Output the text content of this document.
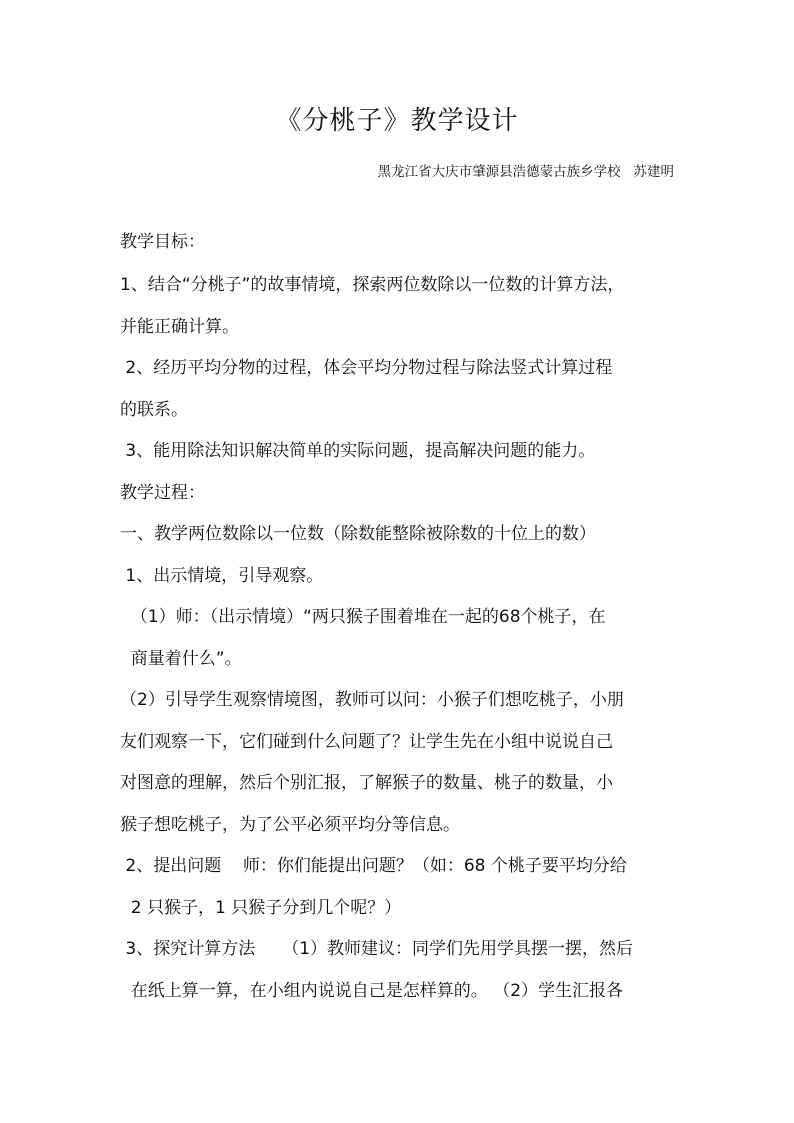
《分桃子》教学设计
黑龙江省大庆市肇源县浩德蒙古族乡学校   苏建明
教学目标：
1、结合“分桃子”的故事情境，探索两位数除以一位数的计算方法，
并能正确计算。
2、经历平均分物的过程，体会平均分物过程与除法竖式计算过程
的联系。
3、能用除法知识解决简单的实际问题，提高解决问题的能力。
教学过程：
一、教学两位数除以一位数（除数能整除被除数的十位上的数）
1、出示情境，引导观察。
（1）师：（出示情境）“两只猴子围着堆在一起的68个桃子，在
商量着什么”。
（2）引导学生观察情境图，教师可以问：小猴子们想吃桃子，小朋
友们观察一下，它们碰到什么问题了？让学生先在小组中说说自己
对图意的理解，然后个别汇报，了解猴子的数量、桃子的数量，小
猴子想吃桃子，为了公平必须平均分等信息。
2、提出问题    师：你们能提出问题？（如：68 个桃子要平均分给
2 只猴子，1 只猴子分到几个呢？）
3、探究计算方法     （1）教师建议：同学们先用学具摆一摆，然后
在纸上算一算，在小组内说说自己是怎样算的。 （2）学生汇报各
